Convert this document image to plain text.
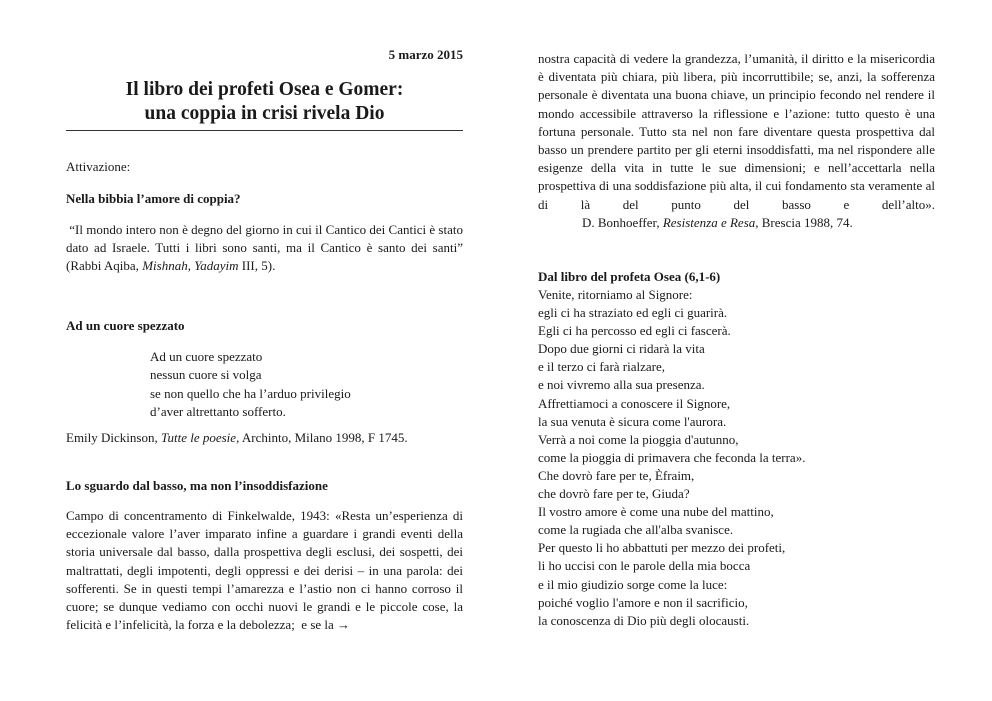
5 marzo 2015
Il libro dei profeti Osea e Gomer:
una coppia in crisi rivela Dio

Attivazione:

Nella bibbia l’amore di coppia?

“Il mondo intero non è degno del giorno in cui il Cantico dei Cantici è stato dato ad Israele. Tutti i libri sono santi, ma il Cantico è santo dei santi” (Rabbi Aqiba, Mishnah, Yadayim III, 5).

Ad un cuore spezzato

Ad un cuore spezzato
nessun cuore si volga
se non quello che ha l’arduo privilegio
d’aver altrettanto sofferto.

Emily Dickinson, Tutte le poesie, Archinto, Milano 1998, F 1745.

Lo sguardo dal basso, ma non l’insoddisfazione

Campo di concentramento di Finkelwalde, 1943: «Resta un’esperienza di eccezionale valore l’aver imparato infine a guardare i grandi eventi della storia universale dal basso, dalla prospettiva degli esclusi, dei sospetti, dei maltrattati, degli impotenti, degli oppressi e dei derisi – in una parola: dei sofferenti. Se in questi tempi l’amarezza e l’astio non ci hanno corroso il cuore; se dunque vediamo con occhi nuovi le grandi e le piccole cose, la felicità e l’infelicità, la forza e la debolezza;  e se la →

nostra capacità di vedere la grandezza, l’umanità, il diritto e la misericordia è diventata più chiara, più libera, più incorruttibile; se, anzi, la sofferenza personale è diventata una buona chiave, un principio fecondo nel rendere il mondo accessibile attraverso la riflessione e l’azione: tutto questo è una fortuna personale. Tutto sta nel non fare diventare questa prospettiva dal basso un prendere partito per gli eterni insoddisfatti, ma nel rispondere alle esigenze della vita in tutte le sue dimensioni; e nell’accettarla nella prospettiva di una soddisfazione più alta, il cui fondamento sta veramente al di là del punto del basso e dell’alto».D. Bonhoeffer, Resistenza e Resa, Brescia 1988, 74.

Dal libro del profeta Osea (6,1-6)

Venite, ritorniamo al Signore:
egli ci ha straziato ed egli ci guarirà.
Egli ci ha percosso ed egli ci fascerà.
Dopo due giorni ci ridarà la vita
e il terzo ci farà rialzare,
e noi vivremo alla sua presenza.
Affrettiamoci a conoscere il Signore,
la sua venuta è sicura come l'aurora.
Verrà a noi come la pioggia d'autunno,
come la pioggia di primavera che feconda la terra».
Che dovrò fare per te, Èfraim,
che dovrò fare per te, Giuda?
Il vostro amore è come una nube del mattino,
come la rugiada che all'alba svanisce.
Per questo li ho abbattuti per mezzo dei profeti,
li ho uccisi con le parole della mia bocca
e il mio giudizio sorge come la luce:
poiché voglio l'amore e non il sacrificio,
la conoscenza di Dio più degli olocausti.
